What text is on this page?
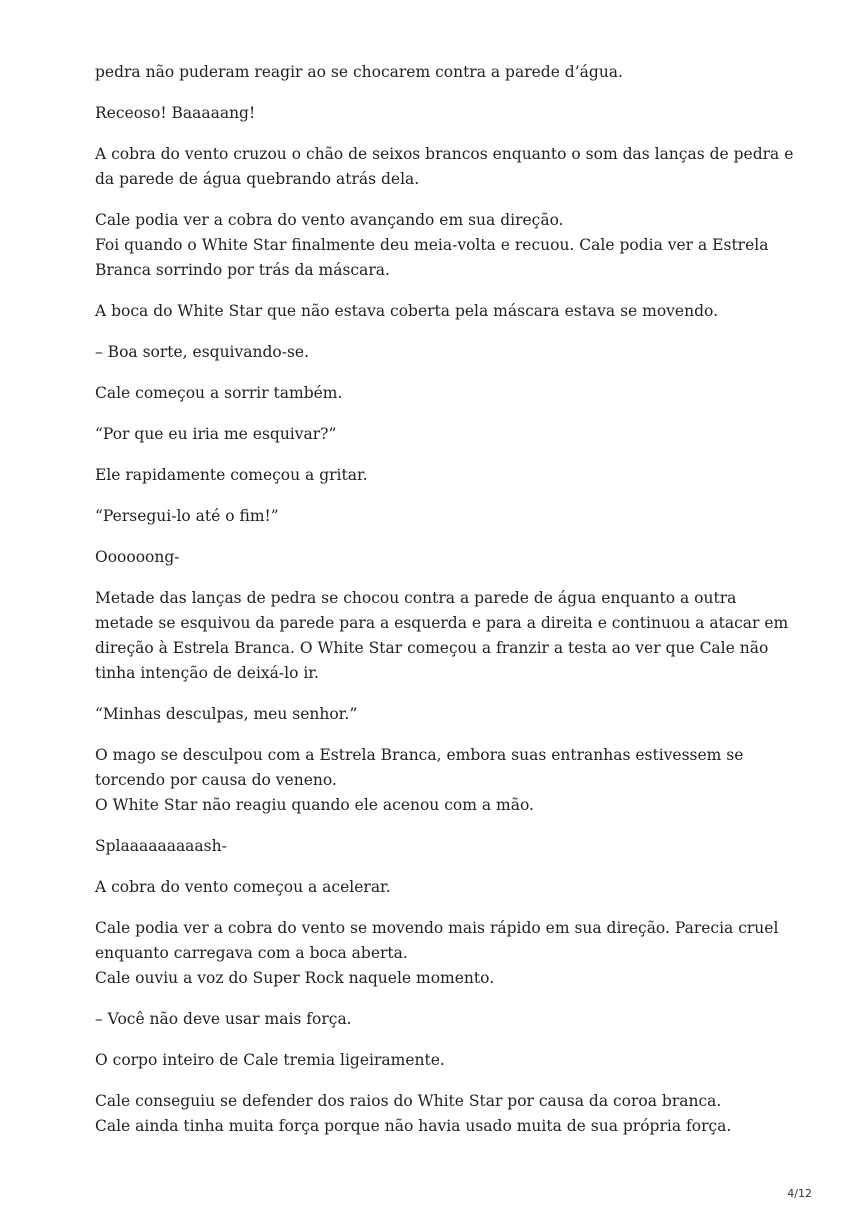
pedra não puderam reagir ao se chocarem contra a parede d’água.

Receoso! Baaaaang!

A cobra do vento cruzou o chão de seixos brancos enquanto o som das lanças de pedra e da parede de água quebrando atrás dela.

Cale podia ver a cobra do vento avançando em sua direção.
Foi quando o White Star finalmente deu meia-volta e recuou. Cale podia ver a Estrela Branca sorrindo por trás da máscara.

A boca do White Star que não estava coberta pela máscara estava se movendo.

– Boa sorte, esquivando-se.

Cale começou a sorrir também.

“Por que eu iria me esquivar?”

Ele rapidamente começou a gritar.

“Persegui-lo até o fim!”

Oooooong-

Metade das lanças de pedra se chocou contra a parede de água enquanto a outra metade se esquivou da parede para a esquerda e para a direita e continuou a atacar em direção à Estrela Branca. O White Star começou a franzir a testa ao ver que Cale não tinha intenção de deixá-lo ir.

“Minhas desculpas, meu senhor.”

O mago se desculpou com a Estrela Branca, embora suas entranhas estivessem se torcendo por causa do veneno.
O White Star não reagiu quando ele acenou com a mão.

Splaaaaaaaaash-

A cobra do vento começou a acelerar.

Cale podia ver a cobra do vento se movendo mais rápido em sua direção. Parecia cruel enquanto carregava com a boca aberta.
Cale ouviu a voz do Super Rock naquele momento.

– Você não deve usar mais força.

O corpo inteiro de Cale tremia ligeiramente.

Cale conseguiu se defender dos raios do White Star por causa da coroa branca.
Cale ainda tinha muita força porque não havia usado muita de sua própria força.

4/12
